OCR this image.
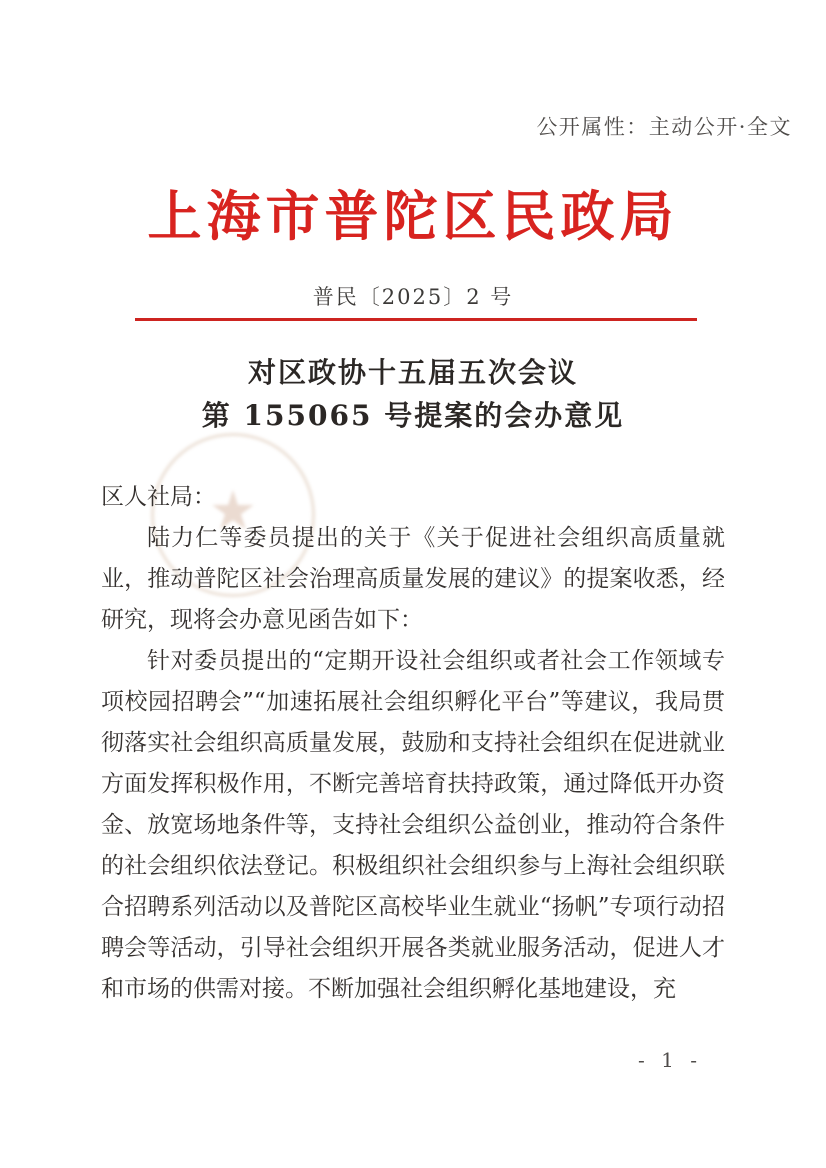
公开属性：主动公开·全文
上海市普陀区民政局
普民〔2025〕2 号
对区政协十五届五次会议
第 155065 号提案的会办意见
★

区人社局：

陆力仁等委员提出的关于《关于促进社会组织高质量就业，推动普陀区社会治理高质量发展的建议》的提案收悉，经研究，现将会办意见函告如下：

针对委员提出的“定期开设社会组织或者社会工作领域专项校园招聘会”“加速拓展社会组织孵化平台”等建议，我局贯彻落实社会组织高质量发展，鼓励和支持社会组织在促进就业方面发挥积极作用，不断完善培育扶持政策，通过降低开办资金、放宽场地条件等，支持社会组织公益创业，推动符合条件的社会组织依法登记。积极组织社会组织参与上海社会组织联合招聘系列活动以及普陀区高校毕业生就业“扬帆”专项行动招聘会等活动，引导社会组织开展各类就业服务活动，促进人才和市场的供需对接。不断加强社会组织孵化基地建设，充

- 1 -
